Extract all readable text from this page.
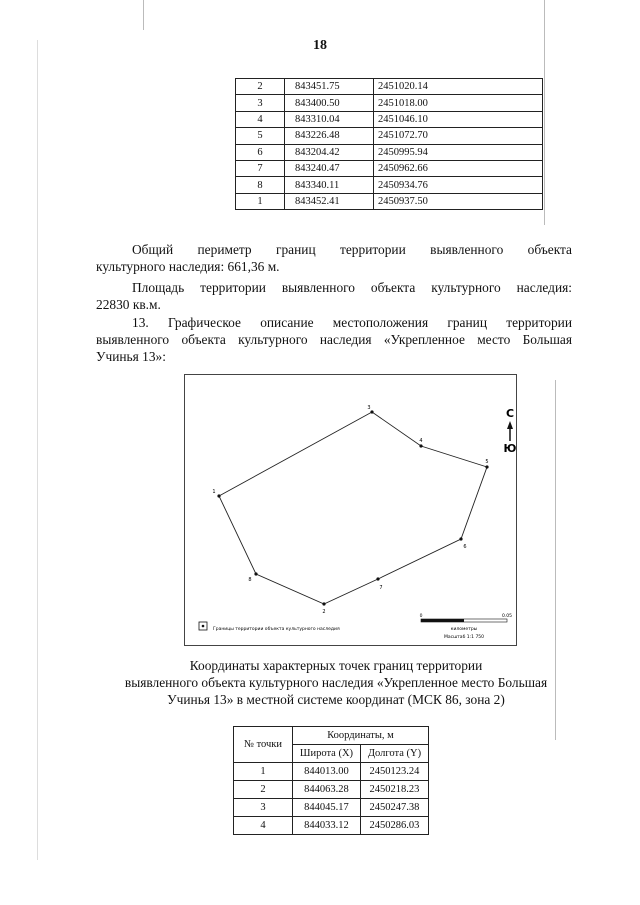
18
2	843451.75	2451020.14
3	843400.50	2451018.00
4	843310.04	2451046.10
5	843226.48	2451072.70
6	843204.42	2450995.94
7	843240.47	2450962.66
8	843340.11	2450934.76
1	843452.41	2450937.50
Общий периметр границ территории выявленного объекта
культурного наследия: 661,36 м.
Площадь территории выявленного объекта культурного наследия:
22830 кв.м.
13. Графическое описание местоположения границ территории
выявленного объекта культурного наследия «Укрепленное место Большая
Учинья 13»:
1
2
3
4
5
6
7
8
С
Ю
Границы территории объекта культурного наследия
0	0.05
километры
Масштаб 1:1 750
Координаты характерных точек границ территории
выявленного объекта культурного наследия «Укрепленное место Большая
Учинья 13» в местной системе координат (МСК 86, зона 2)
№ точки	Координаты, м	
	Широта (X)	Долгота (Y)
1	844013.00	2450123.24
2	844063.28	2450218.23
3	844045.17	2450247.38
4	844033.12	2450286.03
